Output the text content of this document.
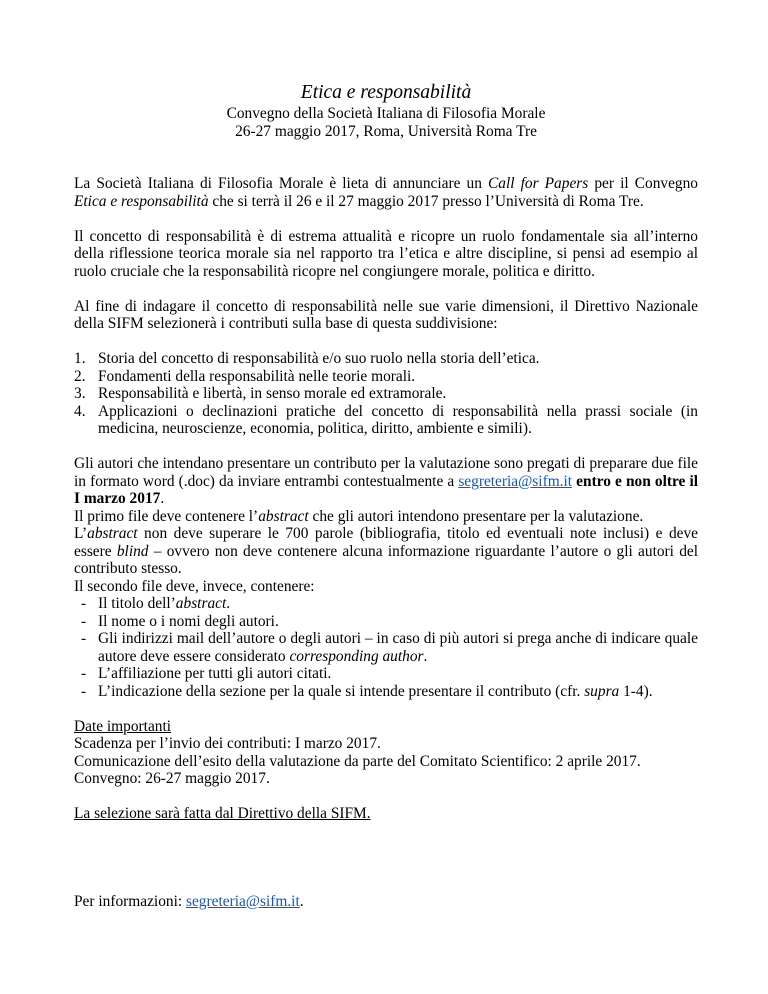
Etica e responsabilità

Convegno della Società Italiana di Filosofia Morale

26-27 maggio 2017, Roma, Università Roma Tre

La Società Italiana di Filosofia Morale è lieta di annunciare un Call for Papers per il Convegno Etica e responsabilità che si terrà il 26 e il 27 maggio 2017 presso l’Università di Roma Tre.

Il concetto di responsabilità è di estrema attualità e ricopre un ruolo fondamentale sia all’interno della riflessione teorica morale sia nel rapporto tra l’etica e altre discipline, si pensi ad esempio al ruolo cruciale che la responsabilità ricopre nel congiungere morale, politica e diritto.

Al fine di indagare il concetto di responsabilità nelle sue varie dimensioni, il Direttivo Nazionale della SIFM selezionerà i contributi sulla base di questa suddivisione:

1. Storia del concetto di responsabilità e/o suo ruolo nella storia dell’etica.
2. Fondamenti della responsabilità nelle teorie morali.
3. Responsabilità e libertà, in senso morale ed extramorale.
4. Applicazioni o declinazioni pratiche del concetto di responsabilità nella prassi sociale (in medicina, neuroscienze, economia, politica, diritto, ambiente e simili).

Gli autori che intendano presentare un contributo per la valutazione sono pregati di preparare due file in formato word (.doc) da inviare entrambi contestualmente a segreteria@sifm.it entro e non oltre il I marzo 2017.

Il primo file deve contenere l’abstract che gli autori intendono presentare per la valutazione.

L’abstract non deve superare le 700 parole (bibliografia, titolo ed eventuali note inclusi) e deve essere blind – ovvero non deve contenere alcuna informazione riguardante l’autore o gli autori del contributo stesso.

Il secondo file deve, invece, contenere:

- Il titolo dell’abstract.
- Il nome o i nomi degli autori.
- Gli indirizzi mail dell’autore o degli autori – in caso di più autori si prega anche di indicare quale autore deve essere considerato corresponding author.
- L’affiliazione per tutti gli autori citati.
- L’indicazione della sezione per la quale si intende presentare il contributo (cfr. supra 1-4).

Date importanti

Scadenza per l’invio dei contributi: I marzo 2017.

Comunicazione dell’esito della valutazione da parte del Comitato Scientifico: 2 aprile 2017.

Convegno: 26-27 maggio 2017.

La selezione sarà fatta dal Direttivo della SIFM.

Per informazioni: segreteria@sifm.it.
